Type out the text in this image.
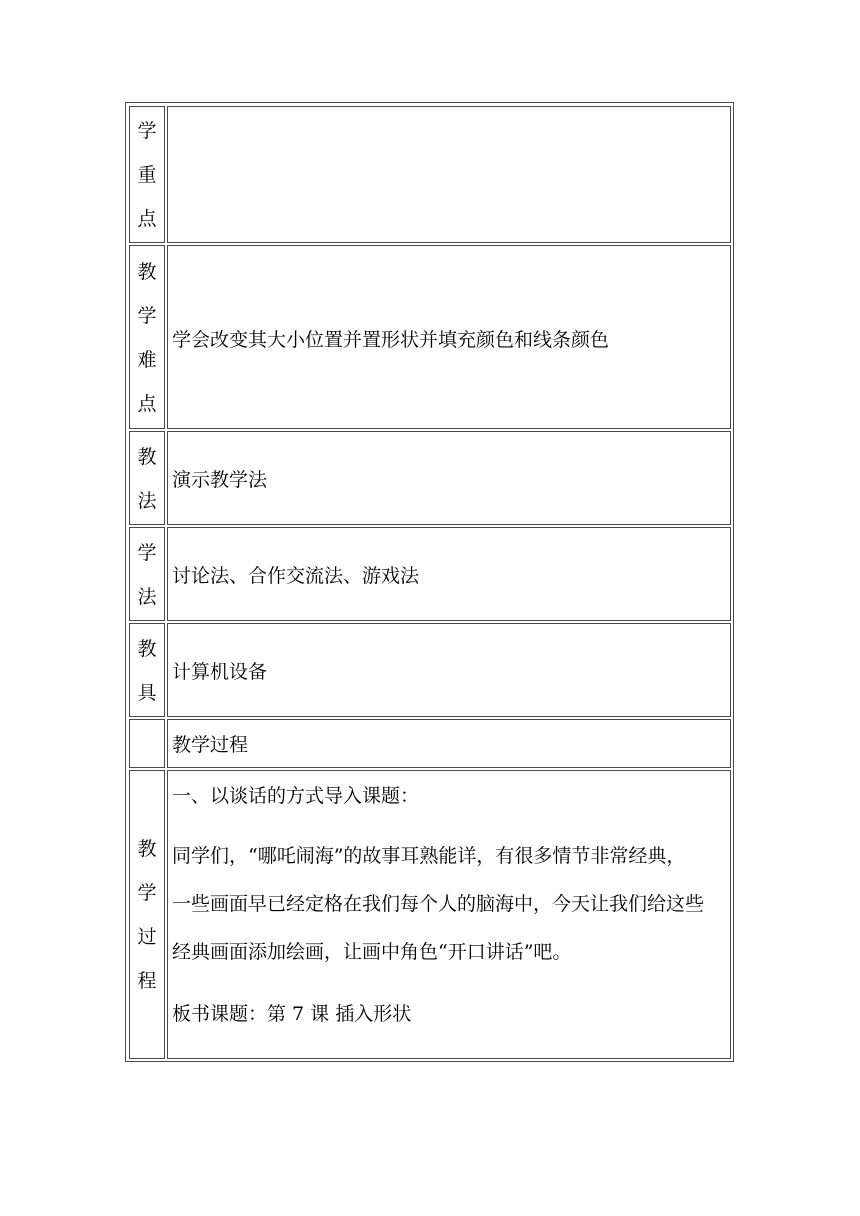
学
重
点
教
学
难
点
学会改变其大小位置并置形状并填充颜色和线条颜色
教
法
演示教学法
学
法
讨论法、合作交流法、游戏法
教
具
计算机设备
教学过程
教
学
过
程
一、以谈话的方式导入课题：
同学们，“哪吒闹海”的故事耳熟能详，有很多情节非常经典，
一些画面早已经定格在我们每个人的脑海中，今天让我们给这些
经典画面添加绘画，让画中角色“开口讲话”吧。
板书课题：第 7 课 插入形状
